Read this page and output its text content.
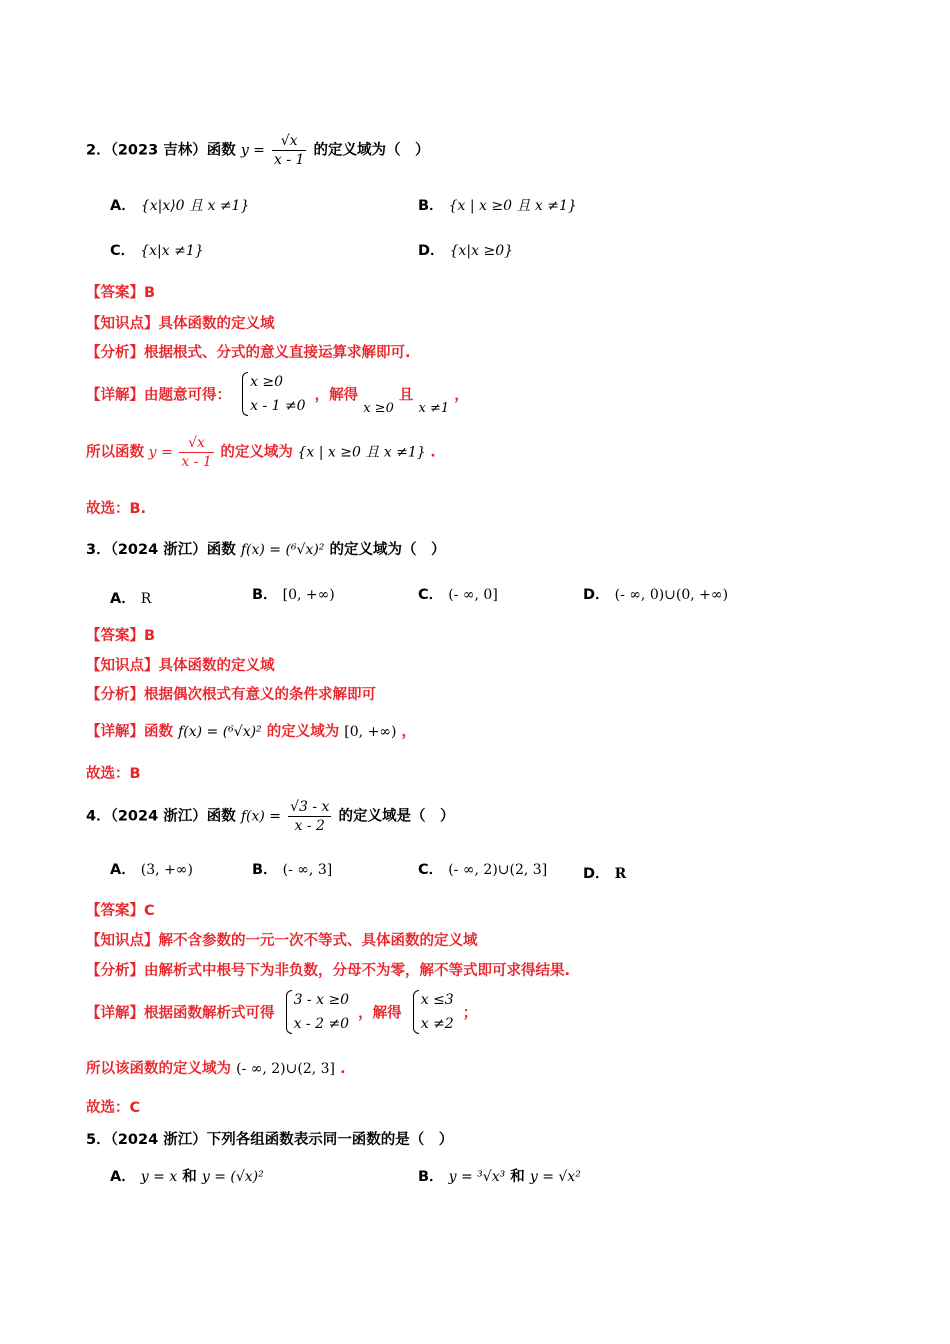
2．（2023 吉林）函数 $y = \frac{√x}{x - 1}$ 的定义域为（　）
A． {x|x⟩0 且 x ≠1}	B． {x | x ≥0 且 x ≠1}
C． {x|x ≠1}	D． {x|x ≥0}
【答案】B
【知识点】具体函数的定义域
【分析】根据根式、分式的意义直接运算求解即可.
【详解】由题意可得：
x ≥0
x - 1 ≠0
，解得 x ≥0 且 x ≠1 ，
所以函数 $y = \frac{√x}{x - 1}$ 的定义域为 {x | x ≥0 且 x ≠1} .
故选：B.
3．（2024 浙江）函数 f(x) = (⁶√x)² 的定义域为（　）
A． R	B． [0, +∞)	C． (- ∞, 0]	D． (- ∞, 0)∪(0, +∞)
【答案】B
【知识点】具体函数的定义域
【分析】根据偶次根式有意义的条件求解即可
【详解】函数 f(x) = (⁶√x)² 的定义域为 [0, +∞) ，
故选：B
4．（2024 浙江）函数 $f(x) = \frac{√3 - x}{x - 2}$ 的定义域是（　）
A． (3, +∞)	B． (- ∞, 3]	C． (- ∞, 2)∪(2, 3] D． R
【答案】C
【知识点】解不含参数的一元一次不等式、具体函数的定义域
【分析】由解析式中根号下为非负数，分母不为零，解不等式即可求得结果.
【详解】根据函数解析式可得
3 - x ≥0
x - 2 ≠0
，解得
x ≤3
x ≠2
；
所以该函数的定义域为 (- ∞, 2)∪(2, 3] .
故选：C
5．（2024 浙江）下列各组函数表示同一函数的是（　）
A． y = x 和 y = (√x)²	B． y = ³√x³ 和 y = √x²
